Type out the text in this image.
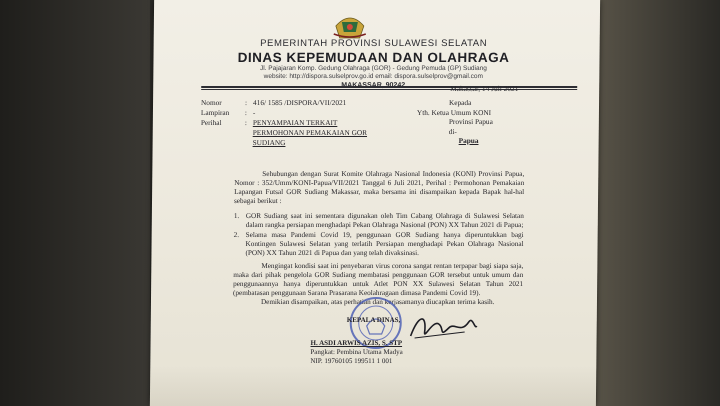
PEMERINTAH PROVINSI SULAWESI SELATAN
DINAS KEPEMUDAAN DAN OLAHRAGA
Jl. Pajajaran Komp. Gedung Olahraga (GOR) - Gedung Pemuda (GP) Sudiang
website: http://dispora.sulselprov.go.id email: dispora.sulselprov@gmail.com
MAKASSAR, 90242	Makassar, 14 Juli 2021
Nomor	: 416/ 1585 /DISPORA/VII/2021
Lampiran	: -
Perihal	: PENYAMPAIAN TERKAIT PERMOHONAN PEMAKAIAN GOR SUDIANG
Kepada
Yth. Ketua Umum KONI
Provinsi Papua
di-
Papua
Sehubungan dengan Surat Komite Olahraga Nasional Indonesia (KONI) Provinsi Papua, Nomor : 352/Umm/KONI-Papua/VII/2021 Tanggal 6 Juli 2021, Perihal : Permohonan Pemakaian Lapangan Futsal GOR Sudiang Makassar, maka bersama ini disampaikan kepada Bapak hal-hal sebagai berikut :
1. GOR Sudiang saat ini sementara digunakan oleh Tim Cabang Olahraga di Sulawesi Selatan dalam rangka persiapan menghadapi Pekan Olahraga Nasional (PON) XX Tahun 2021 di Papua;
2. Selama masa Pandemi Covid 19, penggunaan GOR Sudiang hanya diperuntukkan bagi Kontingen Sulawesi Selatan yang terlatih Persiapan menghadapi Pekan Olahraga Nasional (PON) XX Tahun 2021 di Papua dan yang telah divaksinasi.
Mengingat kondisi saat ini penyebaran virus corona sangat rentan terpapar bagi siapa saja, maka dari pihak pengelola GOR Sudiang membatasi penggunaan GOR tersebut untuk umum dan penggunaannya hanya diperuntukkan untuk Atlet PON XX Sulawesi Selatan Tahun 2021 (pembatasan penggunaan Sarana Prasarana Keolahragaan dimasa Pandemi Covid 19).
Demikian disampaikan, atas perhatian dan kerjasamanya diucapkan terima kasih.
KEPALA DINAS,
H. ASDI ARWIS AZIS, S. STP
Pangkat: Pembina Utama Madya
NIP. 19760105 199511 1 001
